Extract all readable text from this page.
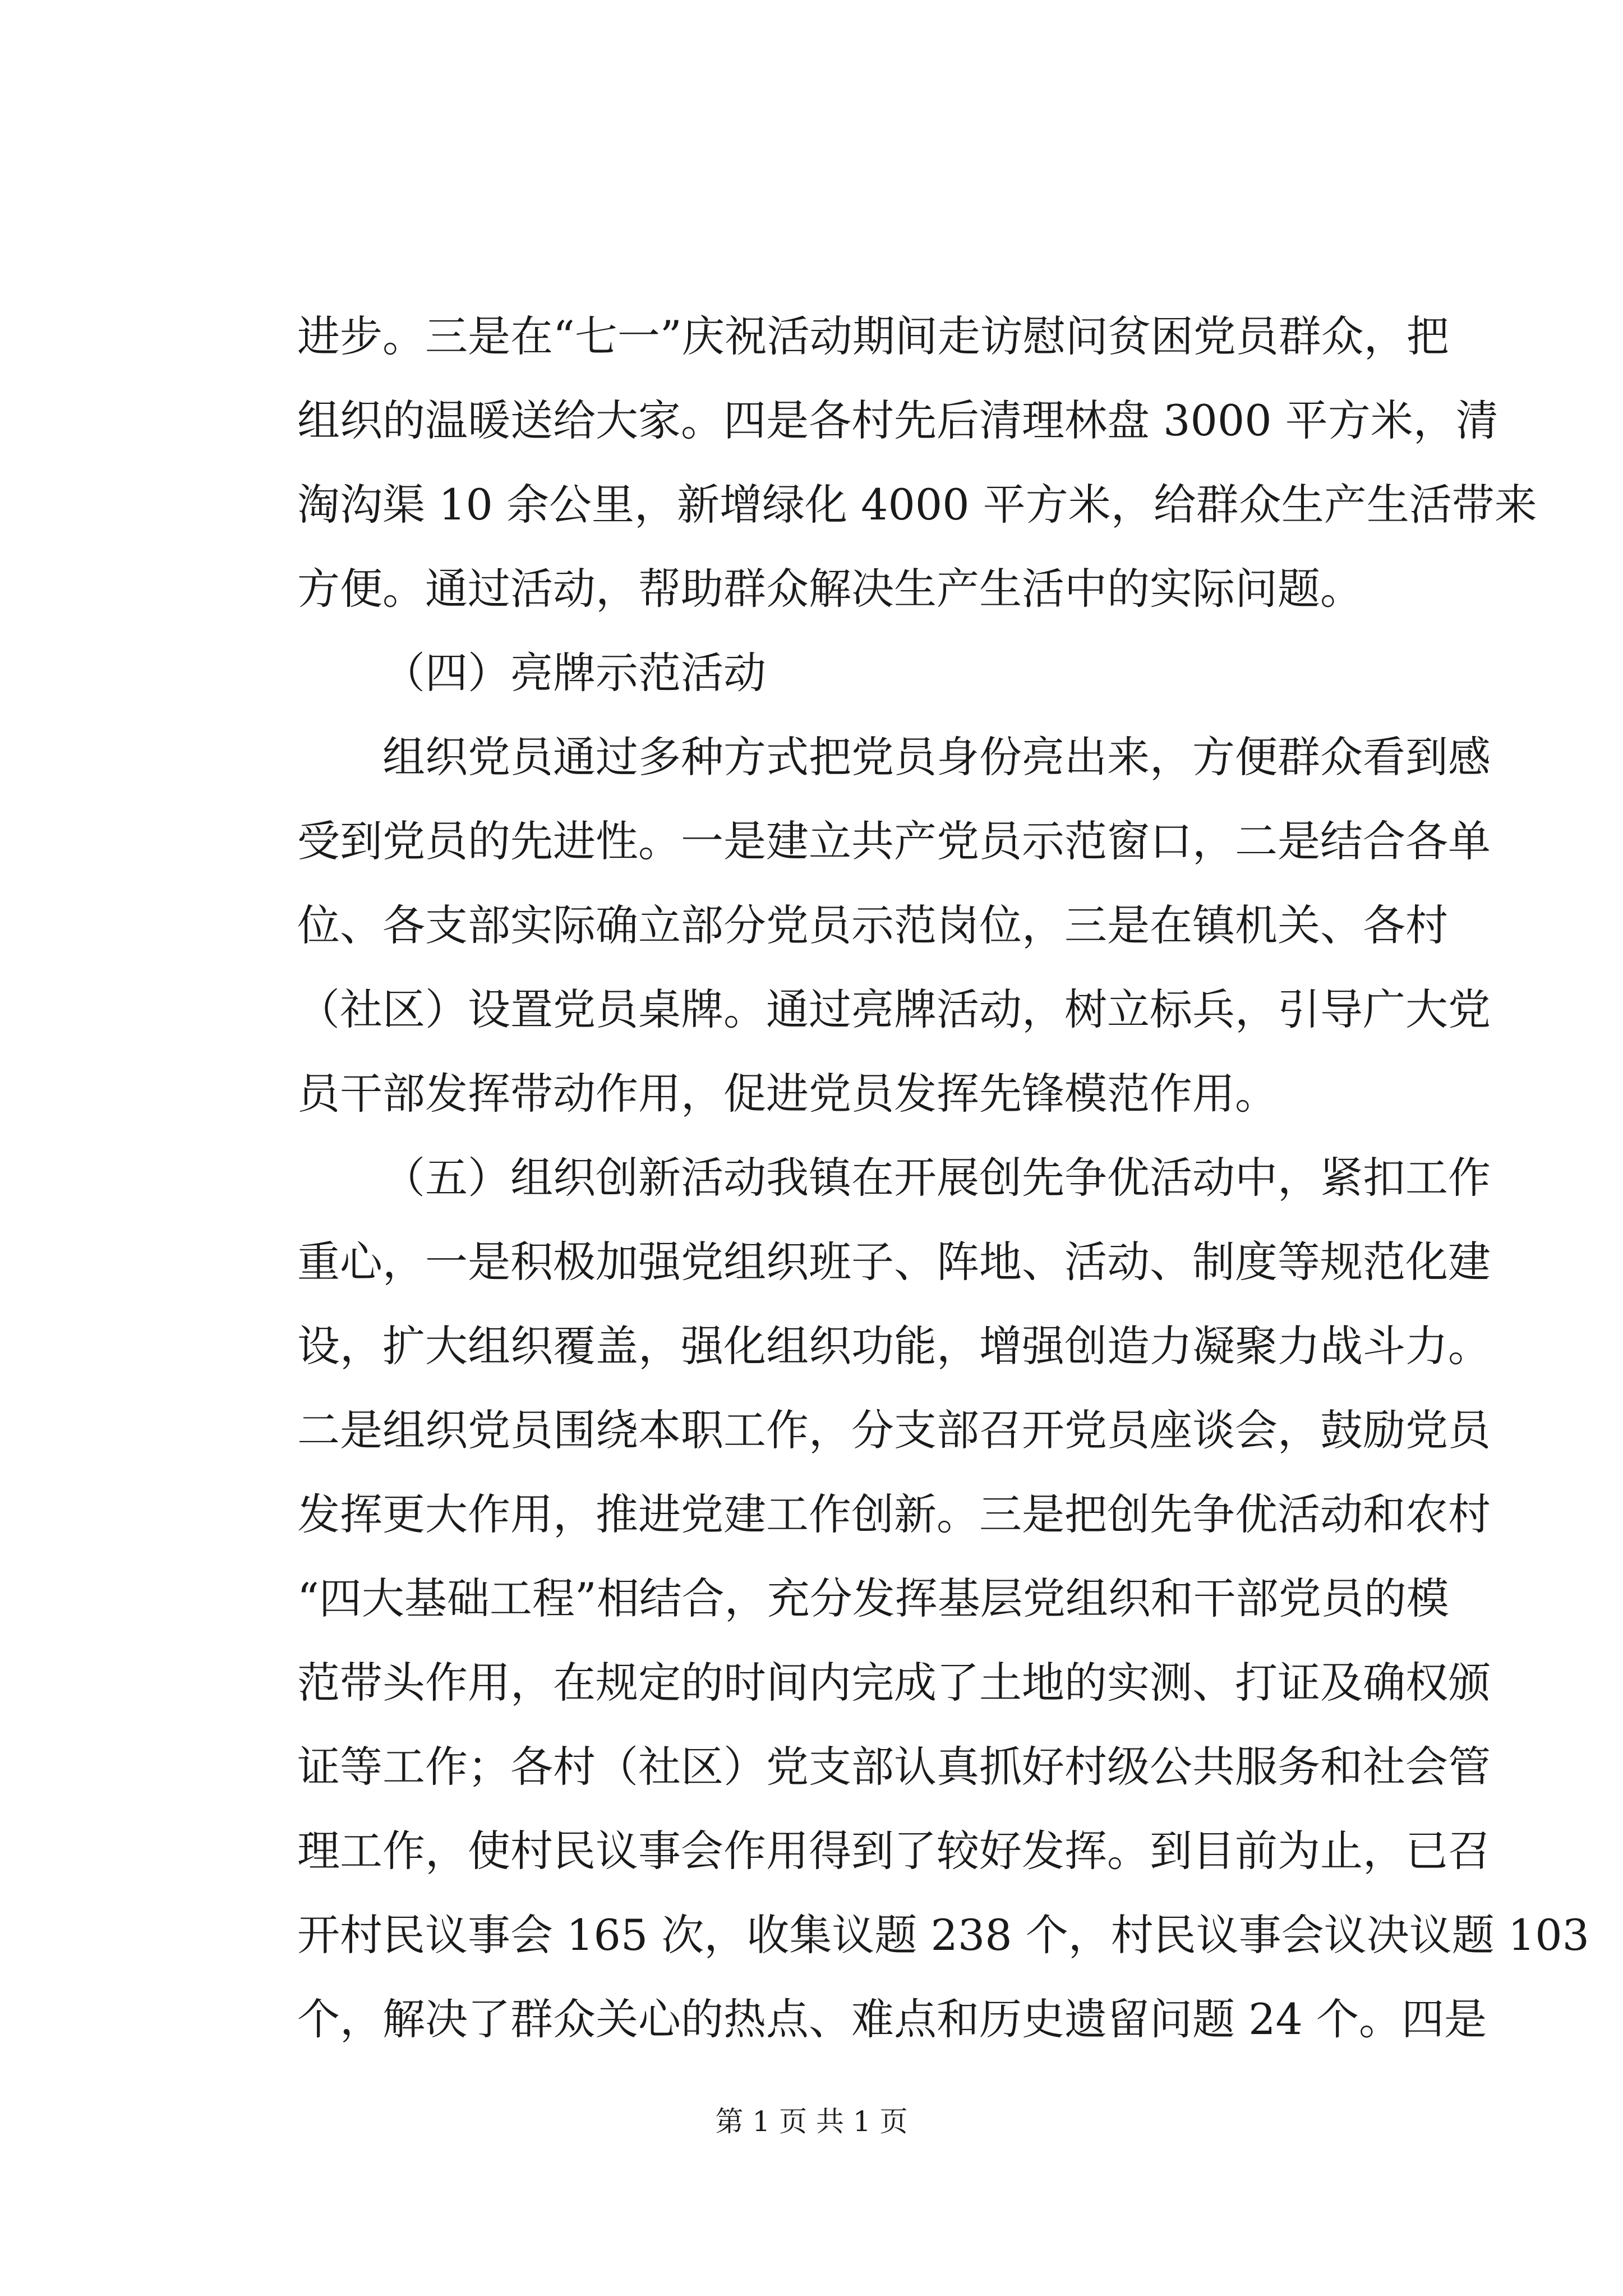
进步。三是在“七一”庆祝活动期间走访慰问贫困党员群众，把
组织的温暖送给大家。四是各村先后清理林盘 3000 平方米，清
淘沟渠 10 余公里，新增绿化 4000 平方米，给群众生产生活带来
方便。通过活动，帮助群众解决生产生活中的实际问题。
（四）亮牌示范活动
组织党员通过多种方式把党员身份亮出来，方便群众看到感
受到党员的先进性。一是建立共产党员示范窗口，二是结合各单
位、各支部实际确立部分党员示范岗位，三是在镇机关、各村
（社区）设置党员桌牌。通过亮牌活动，树立标兵，引导广大党
员干部发挥带动作用，促进党员发挥先锋模范作用。
（五）组织创新活动我镇在开展创先争优活动中，紧扣工作
重心，一是积极加强党组织班子、阵地、活动、制度等规范化建
设，扩大组织覆盖，强化组织功能，增强创造力凝聚力战斗力。
二是组织党员围绕本职工作，分支部召开党员座谈会，鼓励党员
发挥更大作用，推进党建工作创新。三是把创先争优活动和农村
“四大基础工程”相结合，充分发挥基层党组织和干部党员的模
范带头作用，在规定的时间内完成了土地的实测、打证及确权颁
证等工作；各村（社区）党支部认真抓好村级公共服务和社会管
理工作，使村民议事会作用得到了较好发挥。到目前为止，已召
开村民议事会 165 次，收集议题 238 个，村民议事会议决议题 103
个，解决了群众关心的热点、难点和历史遗留问题 24 个。四是
第 1 页 共 1 页
